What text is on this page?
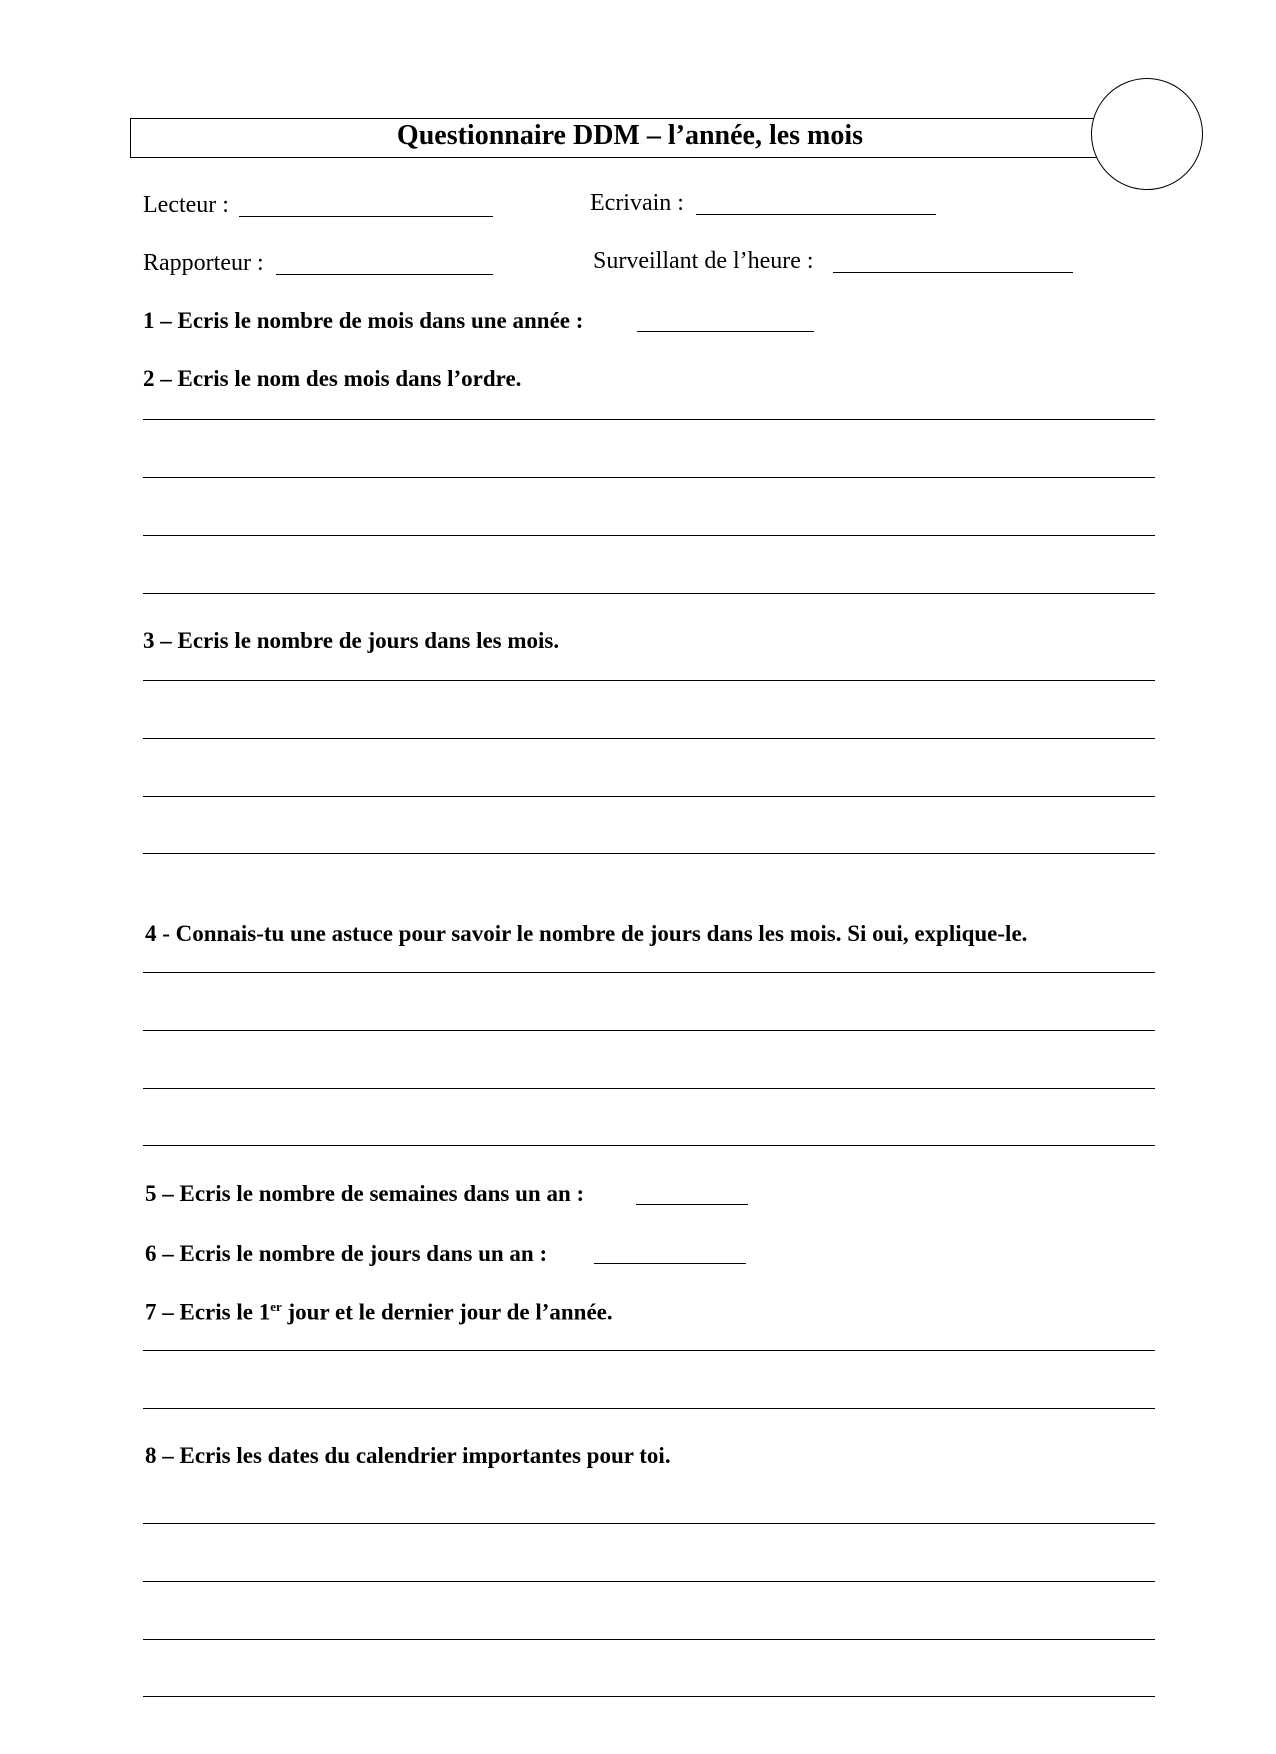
Questionnaire DDM – l’année, les mois
Lecteur :	Ecrivain :
Rapporteur :	Surveillant de l’heure :
1 – Ecris le nombre de mois dans une année :
2 – Ecris le nom des mois dans l’ordre.
3 – Ecris le nombre de jours dans les mois.
4 - Connais-tu une astuce pour savoir le nombre de jours dans les mois. Si oui, explique-le.
5 – Ecris le nombre de semaines dans un an :
6 – Ecris le nombre de jours dans un an :
7 – Ecris le 1er jour et le dernier jour de l’année.
8 – Ecris les dates du calendrier importantes pour toi.
